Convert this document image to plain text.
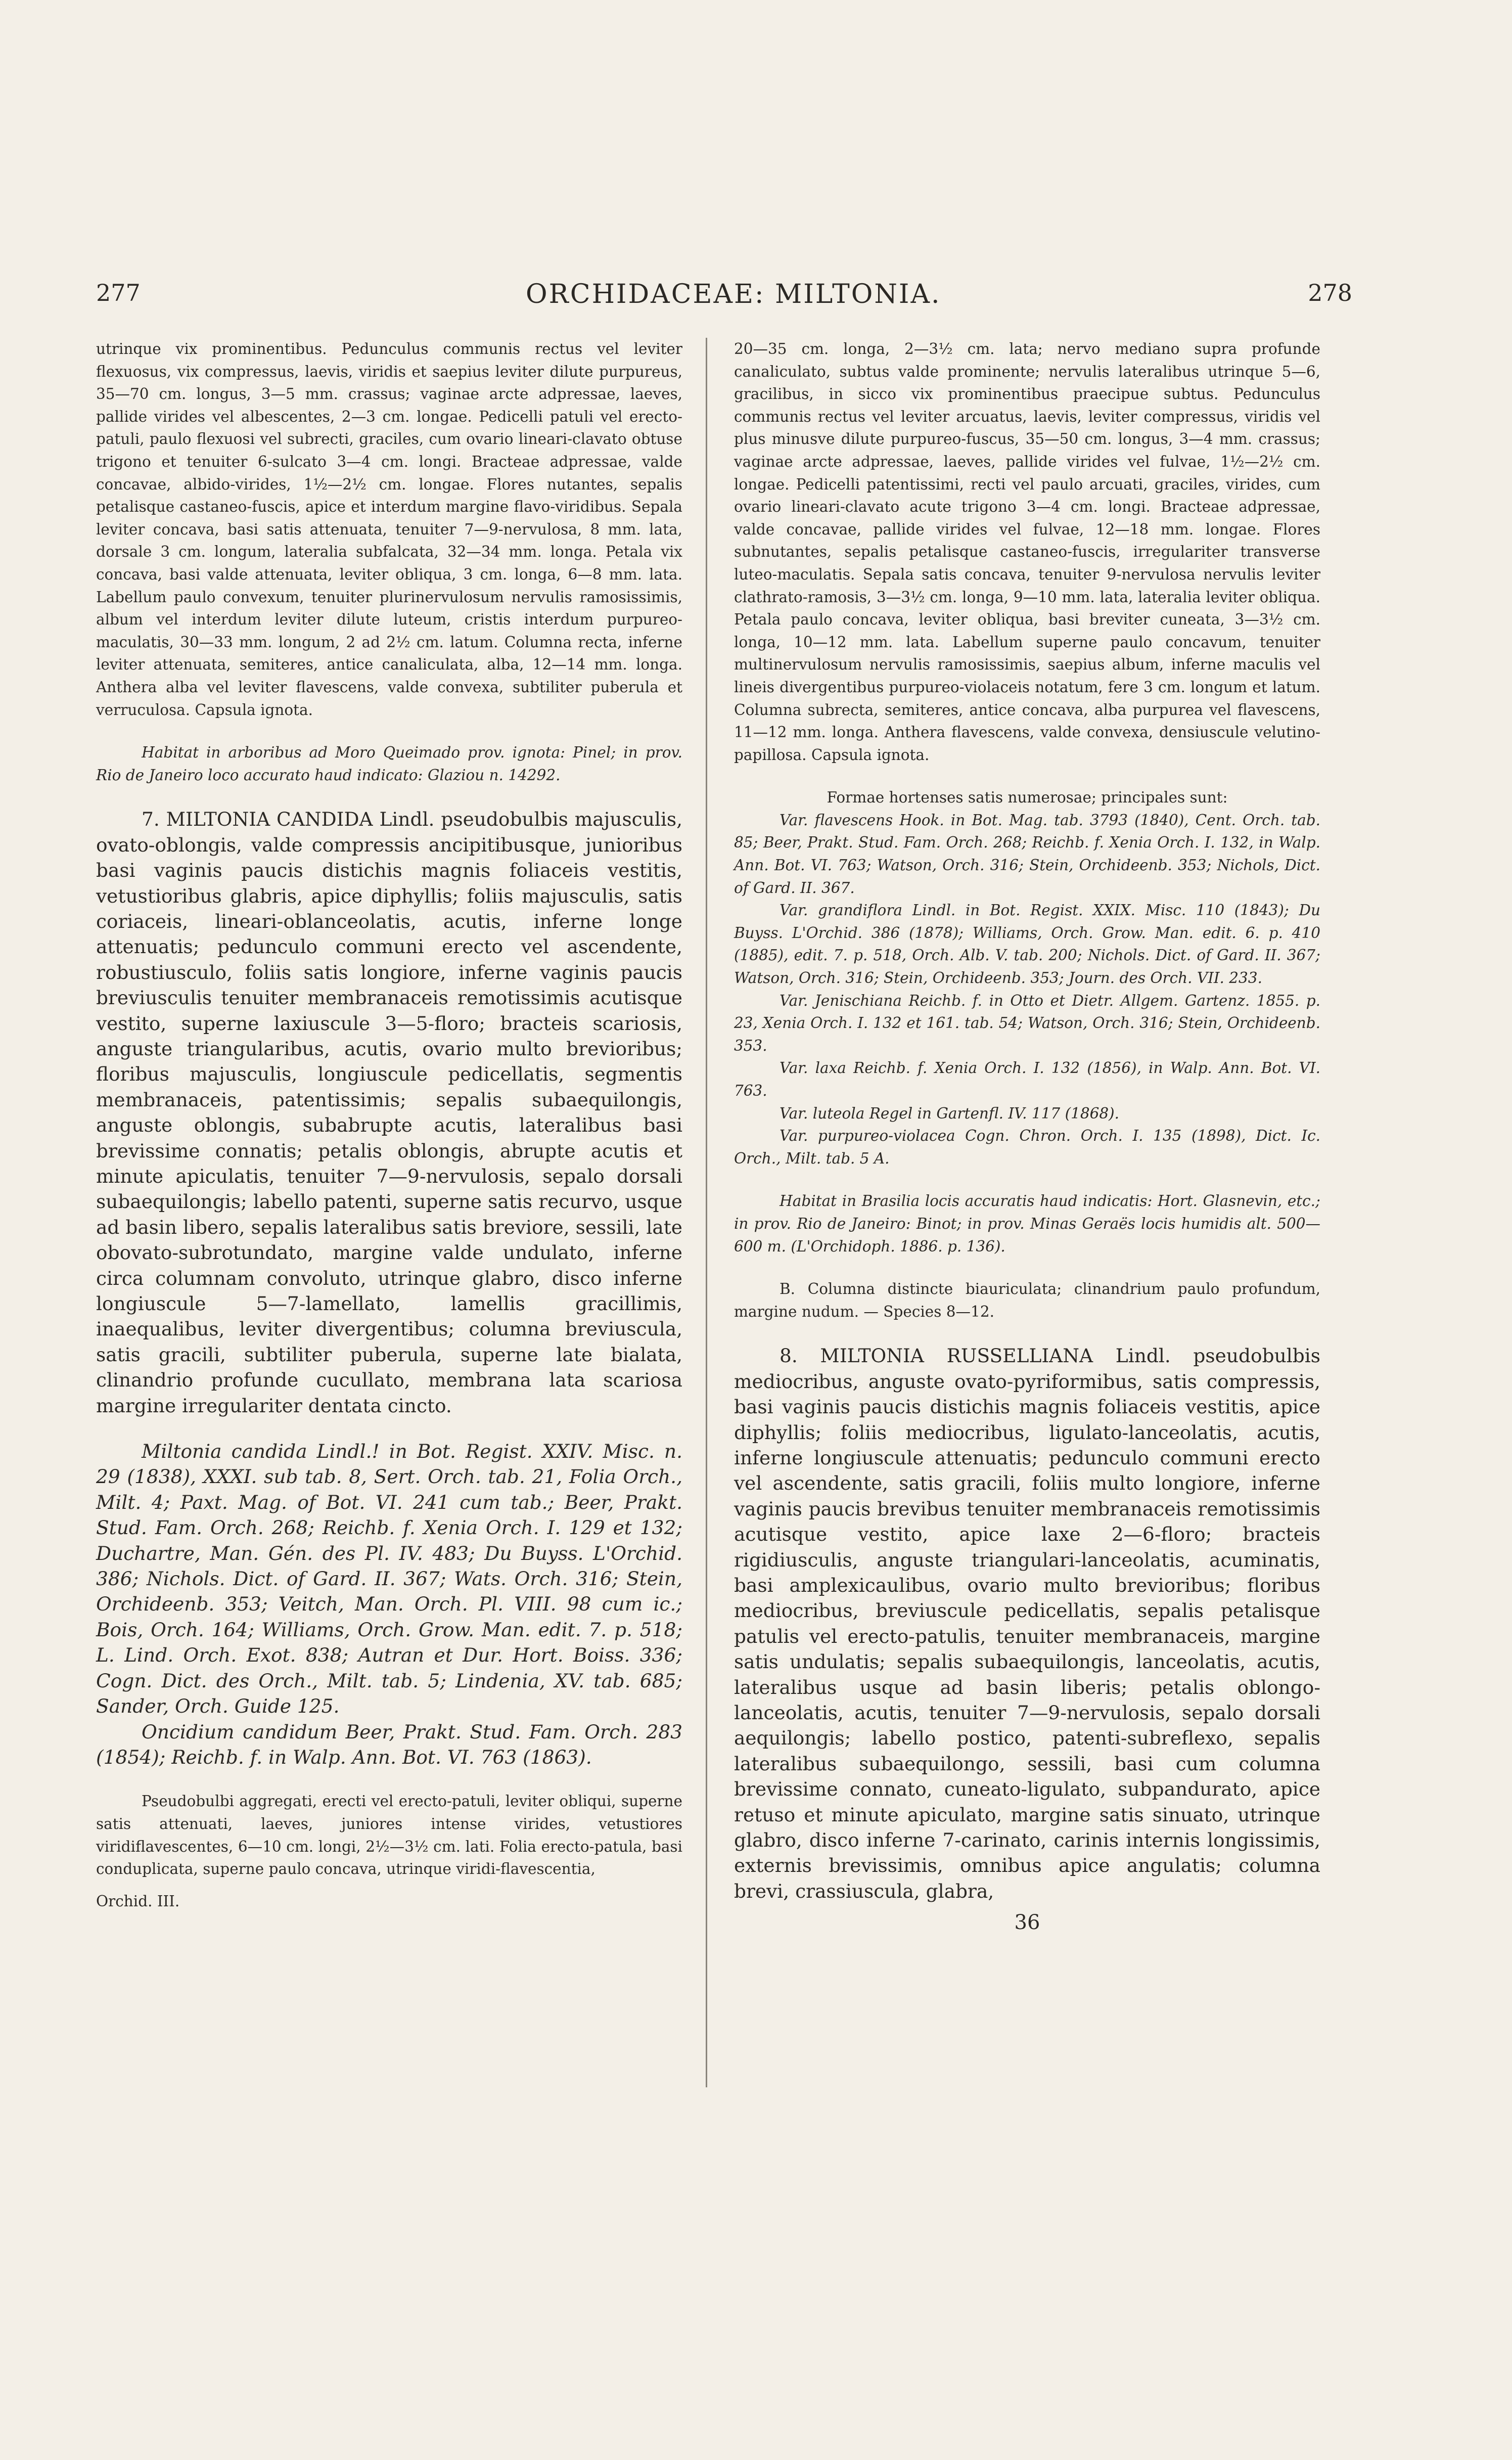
277	ORCHIDACEAE: MILTONIA.	278

utrinque vix prominentibus. Pedunculus communis rectus vel leviter flexuosus, vix compressus, laevis, viridis et saepius leviter dilute purpureus, 35—70 cm. longus, 3—5 mm. crassus; vaginae arcte adpressae, laeves, pallide virides vel albescentes, 2—3 cm. longae. Pedicelli patuli vel erecto-patuli, paulo flexuosi vel subrecti, graciles, cum ovario lineari-clavato obtuse trigono et tenuiter 6-sulcato 3—4 cm. longi. Bracteae adpressae, valde concavae, albido-virides, 1½—2½ cm. longae. Flores nutantes, sepalis petalisque castaneo-fuscis, apice et interdum margine flavo-viridibus. Sepala leviter concava, basi satis attenuata, tenuiter 7—9-nervulosa, 8 mm. lata, dorsale 3 cm. longum, lateralia subfalcata, 32—34 mm. longa. Petala vix concava, basi valde attenuata, leviter obliqua, 3 cm. longa, 6—8 mm. lata. Labellum paulo convexum, tenuiter plurinervulosum nervulis ramosissimis, album vel interdum leviter dilute luteum, cristis interdum purpureo-maculatis, 30—33 mm. longum, 2 ad 2½ cm. latum. Columna recta, inferne leviter attenuata, semiteres, antice canaliculata, alba, 12—14 mm. longa. Anthera alba vel leviter flavescens, valde convexa, subtiliter puberula et verruculosa. Capsula ignota.

Habitat in arboribus ad Moro Queimado prov. ignota: Pinel; in prov. Rio de Janeiro loco accurato haud indicato: Glaziou n. 14292.

7. MILTONIA CANDIDA Lindl. pseudobulbis majusculis, ovato-oblongis, valde compressis ancipitibusque, junioribus basi vaginis paucis distichis magnis foliaceis vestitis, vetustioribus glabris, apice diphyllis; foliis majusculis, satis coriaceis, lineari-oblanceolatis, acutis, inferne longe attenuatis; pedunculo communi erecto vel ascendente, robustiusculo, foliis satis longiore, inferne vaginis paucis breviusculis tenuiter membranaceis remotissimis acutisque vestito, superne laxiuscule 3—5-floro; bracteis scariosis, anguste triangularibus, acutis, ovario multo brevioribus; floribus majusculis, longiuscule pedicellatis, segmentis membranaceis, patentissimis; sepalis subaequilongis, anguste oblongis, subabrupte acutis, lateralibus basi brevissime connatis; petalis oblongis, abrupte acutis et minute apiculatis, tenuiter 7—9-nervulosis, sepalo dorsali subaequilongis; labello patenti, superne satis recurvo, usque ad basin libero, sepalis lateralibus satis breviore, sessili, late obovato-subrotundato, margine valde undulato, inferne circa columnam convoluto, utrinque glabro, disco inferne longiuscule 5—7-lamellato, lamellis gracillimis, inaequalibus, leviter divergentibus; columna breviuscula, satis gracili, subtiliter puberula, superne late bialata, clinandrio profunde cucullato, membrana lata scariosa margine irregulariter dentata cincto.

Miltonia candida Lindl.! in Bot. Regist. XXIV. Misc. n. 29 (1838), XXXI. sub tab. 8, Sert. Orch. tab. 21, Folia Orch., Milt. 4; Paxt. Mag. of Bot. VI. 241 cum tab.; Beer, Prakt. Stud. Fam. Orch. 268; Reichb. f. Xenia Orch. I. 129 et 132; Duchartre, Man. Gén. des Pl. IV. 483; Du Buyss. L'Orchid. 386; Nichols. Dict. of Gard. II. 367; Wats. Orch. 316; Stein, Orchideenb. 353; Veitch, Man. Orch. Pl. VIII. 98 cum ic.; Bois, Orch. 164; Williams, Orch. Grow. Man. edit. 7. p. 518; L. Lind. Orch. Exot. 838; Autran et Dur. Hort. Boiss. 336; Cogn. Dict. des Orch., Milt. tab. 5; Lindenia, XV. tab. 685; Sander, Orch. Guide 125.

Oncidium candidum Beer, Prakt. Stud. Fam. Orch. 283 (1854); Reichb. f. in Walp. Ann. Bot. VI. 763 (1863).

Pseudobulbi aggregati, erecti vel erecto-patuli, leviter obliqui, superne satis attenuati, laeves, juniores intense virides, vetustiores viridiflavescentes, 6—10 cm. longi, 2½—3½ cm. lati. Folia erecto-patula, basi conduplicata, superne paulo concava, utrinque viridi-flavescentia,

Orchid. III.

20—35 cm. longa, 2—3½ cm. lata; nervo mediano supra profunde canaliculato, subtus valde prominente; nervulis lateralibus utrinque 5—6, gracilibus, in sicco vix prominentibus praecipue subtus. Pedunculus communis rectus vel leviter arcuatus, laevis, leviter compressus, viridis vel plus minusve dilute purpureo-fuscus, 35—50 cm. longus, 3—4 mm. crassus; vaginae arcte adpressae, laeves, pallide virides vel fulvae, 1½—2½ cm. longae. Pedicelli patentissimi, recti vel paulo arcuati, graciles, virides, cum ovario lineari-clavato acute trigono 3—4 cm. longi. Bracteae adpressae, valde concavae, pallide virides vel fulvae, 12—18 mm. longae. Flores subnutantes, sepalis petalisque castaneo-fuscis, irregulariter transverse luteo-maculatis. Sepala satis concava, tenuiter 9-nervulosa nervulis leviter clathrato-ramosis, 3—3½ cm. longa, 9—10 mm. lata, lateralia leviter obliqua. Petala paulo concava, leviter obliqua, basi breviter cuneata, 3—3½ cm. longa, 10—12 mm. lata. Labellum superne paulo concavum, tenuiter multinervulosum nervulis ramosissimis, saepius album, inferne maculis vel lineis divergentibus purpureo-violaceis notatum, fere 3 cm. longum et latum. Columna subrecta, semiteres, antice concava, alba purpurea vel flavescens, 11—12 mm. longa. Anthera flavescens, valde convexa, densiuscule velutino-papillosa. Capsula ignota.

Formae hortenses satis numerosae; principales sunt:

Var. flavescens Hook. in Bot. Mag. tab. 3793 (1840), Cent. Orch. tab. 85; Beer, Prakt. Stud. Fam. Orch. 268; Reichb. f. Xenia Orch. I. 132, in Walp. Ann. Bot. VI. 763; Watson, Orch. 316; Stein, Orchideenb. 353; Nichols, Dict. of Gard. II. 367.

Var. grandiflora Lindl. in Bot. Regist. XXIX. Misc. 110 (1843); Du Buyss. L'Orchid. 386 (1878); Williams, Orch. Grow. Man. edit. 6. p. 410 (1885), edit. 7. p. 518, Orch. Alb. V. tab. 200; Nichols. Dict. of Gard. II. 367; Watson, Orch. 316; Stein, Orchideenb. 353; Journ. des Orch. VII. 233.

Var. Jenischiana Reichb. f. in Otto et Dietr. Allgem. Gartenz. 1855. p. 23, Xenia Orch. I. 132 et 161. tab. 54; Watson, Orch. 316; Stein, Orchideenb. 353.

Var. laxa Reichb. f. Xenia Orch. I. 132 (1856), in Walp. Ann. Bot. VI. 763.

Var. luteola Regel in Gartenfl. IV. 117 (1868).

Var. purpureo-violacea Cogn. Chron. Orch. I. 135 (1898), Dict. Ic. Orch., Milt. tab. 5 A.

Habitat in Brasilia locis accuratis haud indicatis: Hort. Glasnevin, etc.; in prov. Rio de Janeiro: Binot; in prov. Minas Geraës locis humidis alt. 500—600 m. (L'Orchidoph. 1886. p. 136).

B. Columna distincte biauriculata; clinandrium paulo profundum, margine nudum. — Species 8—12.

8. MILTONIA RUSSELLIANA Lindl. pseudobulbis mediocribus, anguste ovato-pyriformibus, satis compressis, basi vaginis paucis distichis magnis foliaceis vestitis, apice diphyllis; foliis mediocribus, ligulato-lanceolatis, acutis, inferne longiuscule attenuatis; pedunculo communi erecto vel ascendente, satis gracili, foliis multo longiore, inferne vaginis paucis brevibus tenuiter membranaceis remotissimis acutisque vestito, apice laxe 2—6-floro; bracteis rigidiusculis, anguste triangulari-lanceolatis, acuminatis, basi amplexicaulibus, ovario multo brevioribus; floribus mediocribus, breviuscule pedicellatis, sepalis petalisque patulis vel erecto-patulis, tenuiter membranaceis, margine satis undulatis; sepalis subaequilongis, lanceolatis, acutis, lateralibus usque ad basin liberis; petalis oblongo-lanceolatis, acutis, tenuiter 7—9-nervulosis, sepalo dorsali aequilongis; labello postico, patenti-subreflexo, sepalis lateralibus subaequilongo, sessili, basi cum columna brevissime connato, cuneato-ligulato, subpandurato, apice retuso et minute apiculato, margine satis sinuato, utrinque glabro, disco inferne 7-carinato, carinis internis longissimis, externis brevissimis, omnibus apice angulatis; columna brevi, crassiuscula, glabra,

36
